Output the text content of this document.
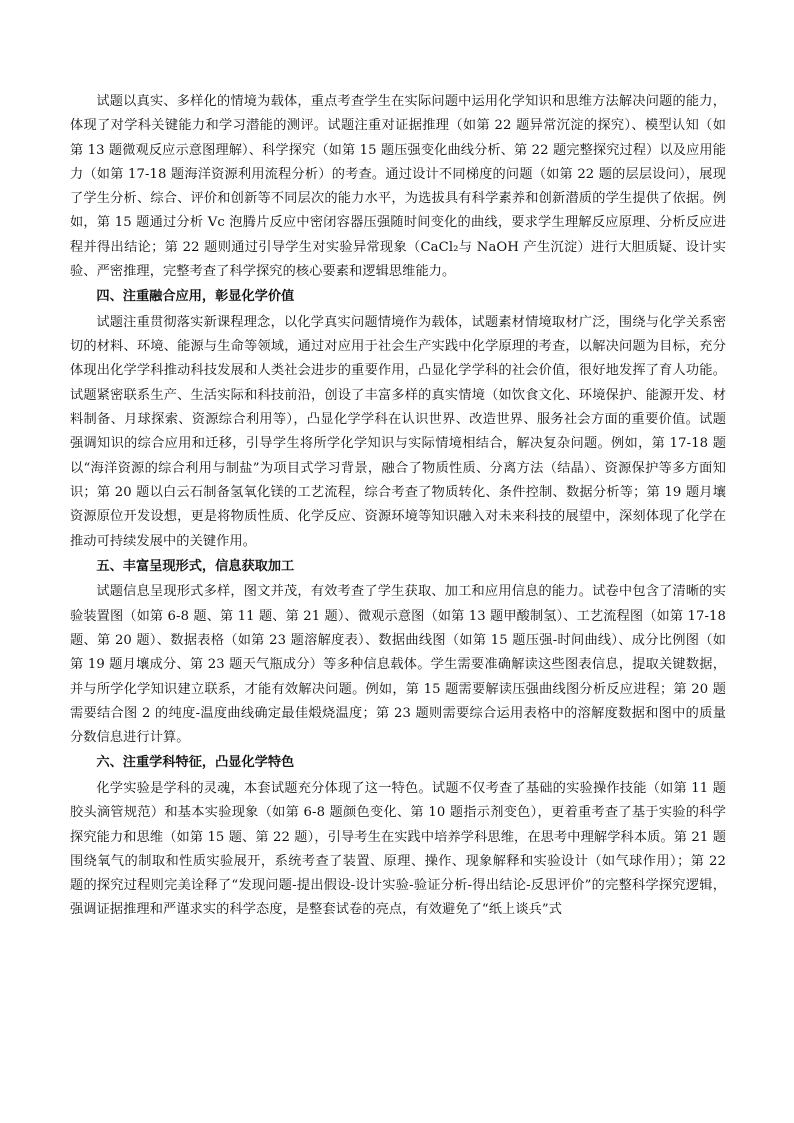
试题以真实、多样化的情境为载体，重点考查学生在实际问题中运用化学知识和思维方法解决问题的能力，体现了对学科关键能力和学习潜能的测评。试题注重对证据推理（如第 22 题异常沉淀的探究）、模型认知（如第 13 题微观反应示意图理解）、科学探究（如第 15 题压强变化曲线分析、第 22 题完整探究过程）以及应用能力（如第 17-18 题海洋资源利用流程分析）的考查。通过设计不同梯度的问题（如第 22 题的层层设问），展现了学生分析、综合、评价和创新等不同层次的能力水平，为选拔具有科学素养和创新潜质的学生提供了依据。例如，第 15 题通过分析 Vc 泡腾片反应中密闭容器压强随时间变化的曲线，要求学生理解反应原理、分析反应进程并得出结论；第 22 题则通过引导学生对实验异常现象（CaCl₂与 NaOH 产生沉淀）进行大胆质疑、设计实验、严密推理，完整考查了科学探究的核心要素和逻辑思维能力。

四、注重融合应用，彰显化学价值

试题注重贯彻落实新课程理念，以化学真实问题情境作为载体，试题素材情境取材广泛，围绕与化学关系密切的材料、环境、能源与生命等领域，通过对应用于社会生产实践中化学原理的考查，以解决问题为目标，充分体现出化学学科推动科技发展和人类社会进步的重要作用，凸显化学学科的社会价值，很好地发挥了育人功能。试题紧密联系生产、生活实际和科技前沿，创设了丰富多样的真实情境（如饮食文化、环境保护、能源开发、材料制备、月球探索、资源综合利用等），凸显化学学科在认识世界、改造世界、服务社会方面的重要价值。试题强调知识的综合应用和迁移，引导学生将所学化学知识与实际情境相结合，解决复杂问题。例如，第 17-18 题以“海洋资源的综合利用与制盐”为项目式学习背景，融合了物质性质、分离方法（结晶）、资源保护等多方面知识；第 20 题以白云石制备氢氧化镁的工艺流程，综合考查了物质转化、条件控制、数据分析等；第 19 题月壤资源原位开发设想，更是将物质性质、化学反应、资源环境等知识融入对未来科技的展望中，深刻体现了化学在推动可持续发展中的关键作用。

五、丰富呈现形式，信息获取加工

试题信息呈现形式多样，图文并茂，有效考查了学生获取、加工和应用信息的能力。试卷中包含了清晰的实验装置图（如第 6-8 题、第 11 题、第 21 题）、微观示意图（如第 13 题甲酸制氢）、工艺流程图（如第 17-18 题、第 20 题）、数据表格（如第 23 题溶解度表）、数据曲线图（如第 15 题压强-时间曲线）、成分比例图（如第 19 题月壤成分、第 23 题天气瓶成分）等多种信息载体。学生需要准确解读这些图表信息，提取关键数据，并与所学化学知识建立联系，才能有效解决问题。例如，第 15 题需要解读压强曲线图分析反应进程；第 20 题需要结合图 2 的纯度-温度曲线确定最佳煅烧温度；第 23 题则需要综合运用表格中的溶解度数据和图中的质量分数信息进行计算。

六、注重学科特征，凸显化学特色

化学实验是学科的灵魂，本套试题充分体现了这一特色。试题不仅考查了基础的实验操作技能（如第 11 题胶头滴管规范）和基本实验现象（如第 6-8 题颜色变化、第 10 题指示剂变色），更着重考查了基于实验的科学探究能力和思维（如第 15 题、第 22 题），引导考生在实践中培养学科思维，在思考中理解学科本质。第 21 题围绕氧气的制取和性质实验展开，系统考查了装置、原理、操作、现象解释和实验设计（如气球作用）；第 22 题的探究过程则完美诠释了“发现问题-提出假设-设计实验-验证分析-得出结论-反思评价”的完整科学探究逻辑，强调证据推理和严谨求实的科学态度，是整套试卷的亮点，有效避免了“纸上谈兵”式
